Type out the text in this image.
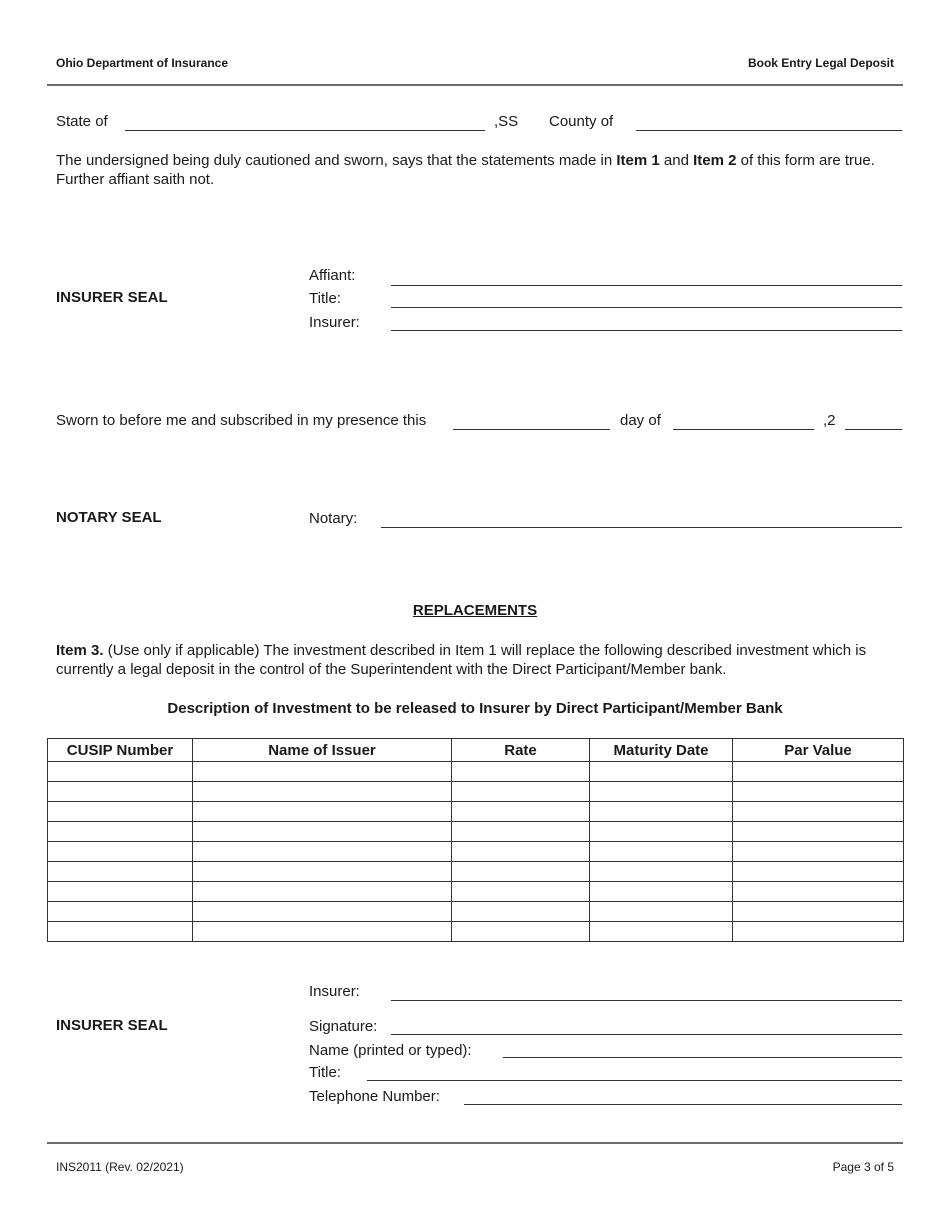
Ohio Department of Insurance	Book Entry Legal Deposit
State of	,SS County of
The undersigned being duly cautioned and sworn, says that the statements made in Item 1 and Item 2 of this form are true. Further affiant saith not.
INSURER SEAL
Affiant:
Title:
Insurer:
Sworn to before me and subscribed in my presence this	day of	,2
NOTARY SEAL	Notary:
REPLACEMENTS
Item 3. (Use only if applicable) The investment described in Item 1 will replace the following described investment which is currently a legal deposit in the control of the Superintendent with the Direct Participant/Member bank.
Description of Investment to be released to Insurer by Direct Participant/Member Bank
CUSIP Number	Name of Issuer	Rate	Maturity Date	Par Value

Insurer:
INSURER SEAL	Signature:
Name (printed or typed):
Title:
Telephone Number:
INS2011 (Rev. 02/2021)	Page 3 of 5
